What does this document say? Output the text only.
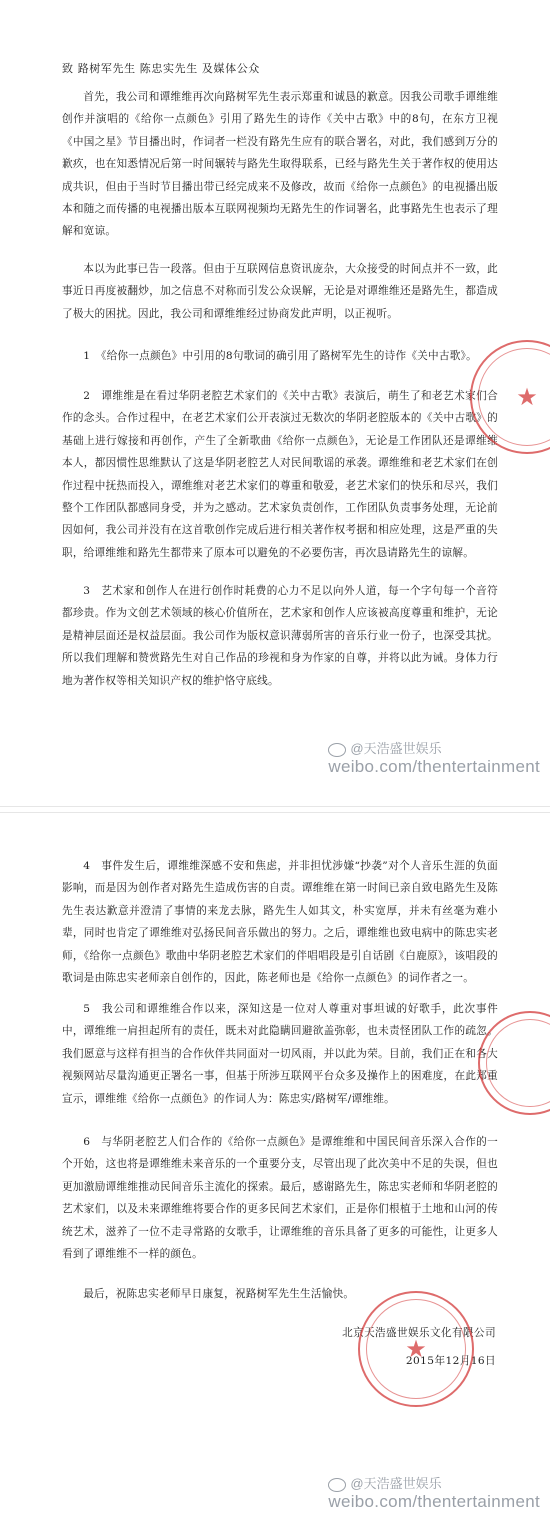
致 路树军先生 陈忠实先生 及媒体公众

首先，我公司和谭维维再次向路树军先生表示郑重和诚恳的歉意。因我公司歌手谭维维创作并演唱的《给你一点颜色》引用了路先生的诗作《关中古歌》中的8句，在东方卫视《中国之星》节目播出时，作词者一栏没有路先生应有的联合署名，对此，我们感到万分的歉疚，也在知悉情况后第一时间辗转与路先生取得联系，已经与路先生关于著作权的使用达成共识，但由于当时节目播出带已经完成来不及修改，故而《给你一点颜色》的电视播出版本和随之而传播的电视播出版本互联网视频均无路先生的作词署名，此事路先生也表示了理解和宽谅。

本以为此事已告一段落。但由于互联网信息资讯庞杂，大众接受的时间点并不一致，此事近日再度被翻炒，加之信息不对称而引发公众误解，无论是对谭维维还是路先生，都造成了极大的困扰。因此，我公司和谭维维经过协商发此声明，以正视听。

1　《给你一点颜色》中引用的8句歌词的确引用了路树军先生的诗作《关中古歌》。

2　谭维维是在看过华阴老腔艺术家们的《关中古歌》表演后，萌生了和老艺术家们合作的念头。合作过程中，在老艺术家们公开表演过无数次的华阴老腔版本的《关中古歌》的基础上进行嫁接和再创作，产生了全新歌曲《给你一点颜色》，无论是工作团队还是谭维维本人，都因惯性思维默认了这是华阴老腔艺人对民间歌谣的承袭。谭维维和老艺术家们在创作过程中抚热而投入，谭维维对老艺术家们的尊重和敬爱，老艺术家们的快乐和尽兴，我们整个工作团队都感同身受，并为之感动。艺术家负责创作，工作团队负责事务处理，无论前因如何，我公司并没有在这首歌创作完成后进行相关著作权考据和相应处理，这是严重的失职，给谭维维和路先生都带来了原本可以避免的不必要伤害，再次恳请路先生的谅解。

3　艺术家和创作人在进行创作时耗费的心力不足以向外人道，每一个字句每一个音符都珍贵。作为文创艺术领域的核心价值所在，艺术家和创作人应该被高度尊重和维护，无论是精神层面还是权益层面。我公司作为版权意识薄弱所害的音乐行业一份子，也深受其扰。所以我们理解和赞赏路先生对自己作品的珍视和身为作家的自尊，并将以此为诫。身体力行地为著作权等相关知识产权的维护恪守底线。

★
@天浩盛世娱乐
weibo.com/thentertainment

4　事件发生后，谭维维深感不安和焦虑，并非担忧涉嫌“抄袭”对个人音乐生涯的负面影响，而是因为创作者对路先生造成伤害的自责。谭维维在第一时间已亲自致电路先生及陈先生表达歉意并澄清了事情的来龙去脉，路先生人如其文，朴实宽厚，并未有丝毫为难小辈，同时也肯定了谭维维对弘扬民间音乐做出的努力。之后，谭维维也致电病中的陈忠实老师，《给你一点颜色》歌曲中华阴老腔艺术家们的伴唱唱段是引自话剧《白鹿原》，该唱段的歌词是由陈忠实老师亲自创作的，因此，陈老师也是《给你一点颜色》的词作者之一。

5　我公司和谭维维合作以来，深知这是一位对人尊重对事坦诚的好歌手，此次事件中，谭维维一肩担起所有的责任，既未对此隐瞒回避欲盖弥彰，也未责怪团队工作的疏忽。我们愿意与这样有担当的合作伙伴共同面对一切风雨，并以此为荣。目前，我们正在和各大视频网站尽量沟通更正署名一事，但基于所涉互联网平台众多及操作上的困难度，在此郑重宣示，谭维维《给你一点颜色》的作词人为：陈忠实/路树军/谭维维。

6　与华阴老腔艺人们合作的《给你一点颜色》是谭维维和中国民间音乐深入合作的一个开始，这也将是谭维维未来音乐的一个重要分支，尽管出现了此次美中不足的失误，但也更加激励谭维维推动民间音乐主流化的探索。最后，感谢路先生，陈忠实老师和华阴老腔的艺术家们，以及未来谭维维将要合作的更多民间艺术家们，正是你们根植于土地和山河的传统艺术，滋养了一位不走寻常路的女歌手，让谭维维的音乐具备了更多的可能性，让更多人看到了谭维维不一样的颜色。

最后，祝陈忠实老师早日康复，祝路树军先生生活愉快。

北京天浩盛世娱乐文化有限公司
2015年12月16日
★
@天浩盛世娱乐
weibo.com/thentertainment
